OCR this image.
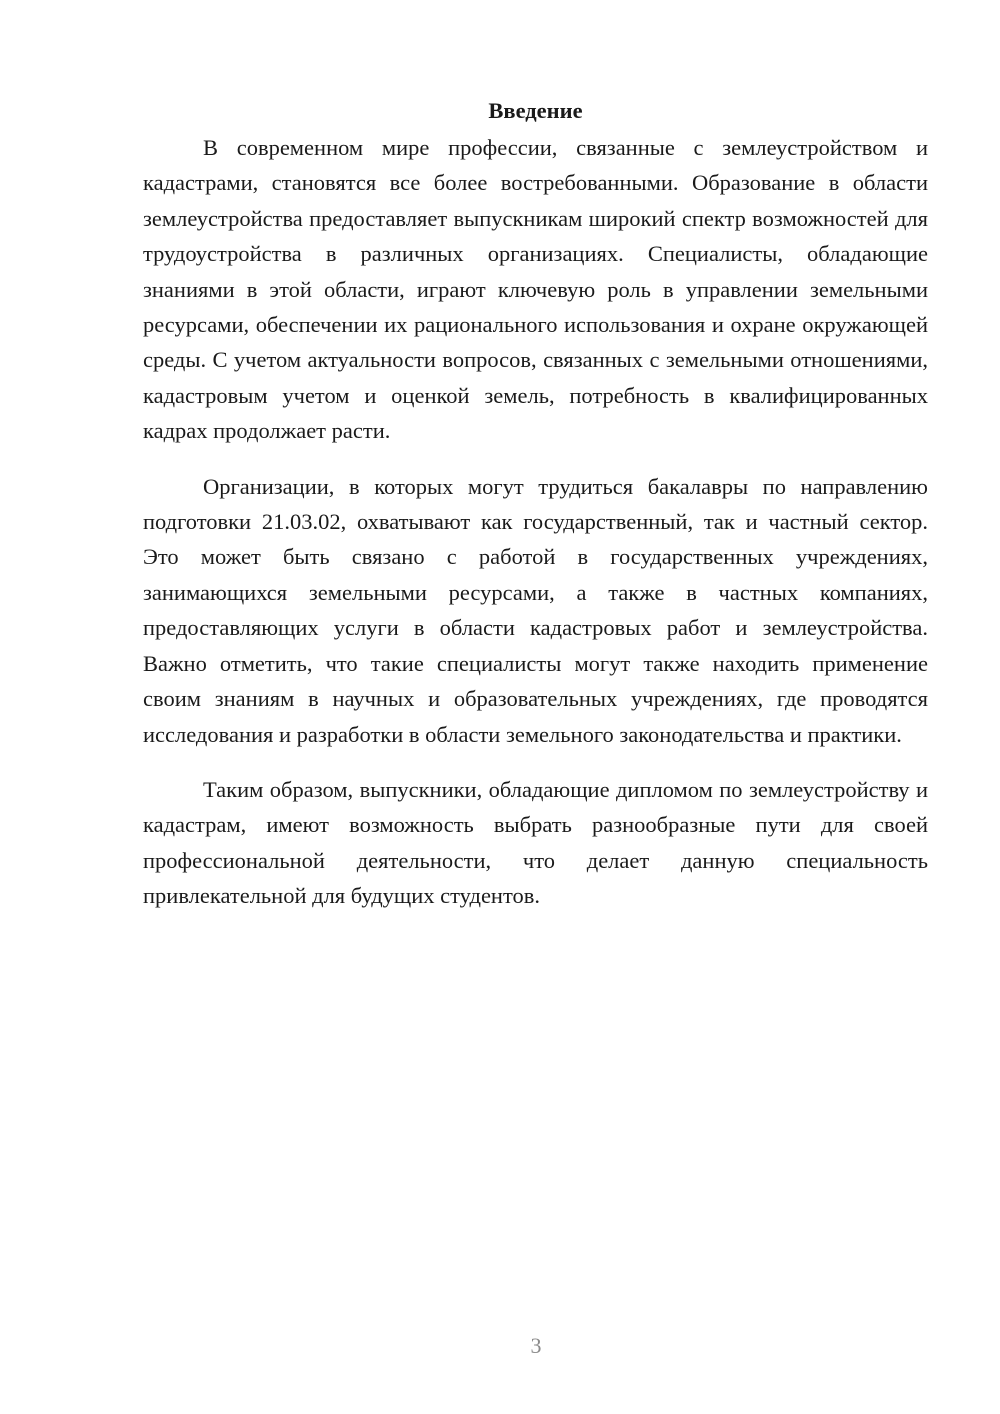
Введение

В современном мире профессии, связанные с землеустройством и кадастрами, становятся все более востребованными. Образование в области землеустройства предоставляет выпускникам широкий спектр возможностей для трудоустройства в различных организациях. Специалисты, обладающие знаниями в этой области, играют ключевую роль в управлении земельными ресурсами, обеспечении их рационального использования и охране окружающей среды. С учетом актуальности вопросов, связанных с земельными отношениями, кадастровым учетом и оценкой земель, потребность в квалифицированных кадрах продолжает расти.

Организации, в которых могут трудиться бакалавры по направлению подготовки 21.03.02, охватывают как государственный, так и частный сектор. Это может быть связано с работой в государственных учреждениях, занимающихся земельными ресурсами, а также в частных компаниях, предоставляющих услуги в области кадастровых работ и землеустройства. Важно отметить, что такие специалисты могут также находить применение своим знаниям в научных и образовательных учреждениях, где проводятся исследования и разработки в области земельного законодательства и практики.

Таким образом, выпускники, обладающие дипломом по землеустройству и кадастрам, имеют возможность выбрать разнообразные пути для своей профессиональной деятельности, что делает данную специальность привлекательной для будущих студентов.

3
